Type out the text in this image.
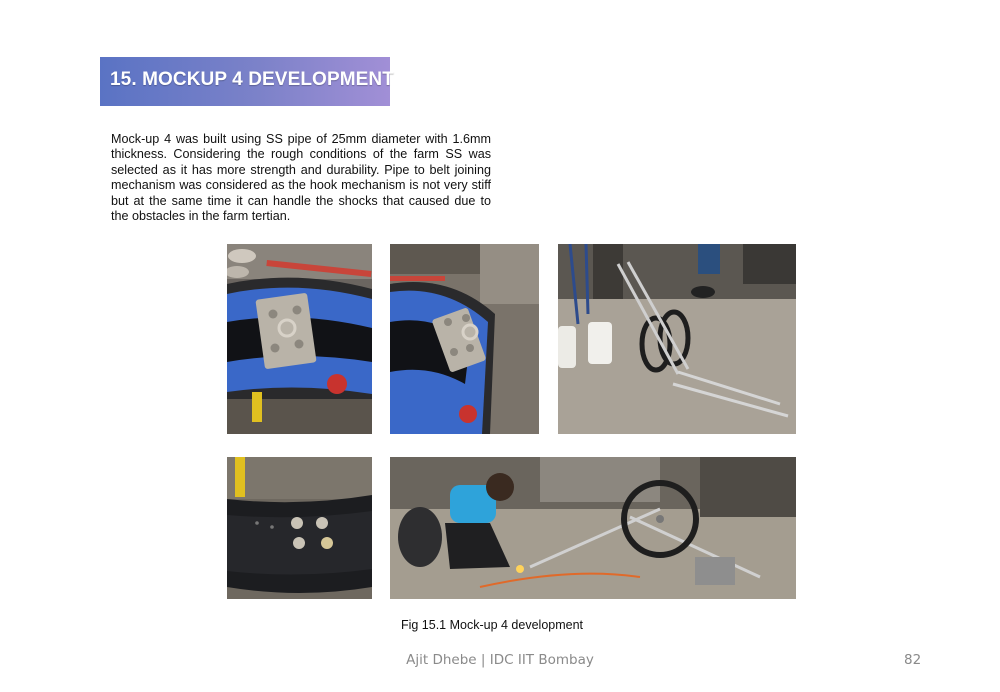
15. MOCKUP 4 DEVELOPMENT
Mock-up 4 was built using SS pipe of 25mm diameter with 1.6mm thickness. Considering the rough conditions of the farm SS was selected as it has more strength and durability. Pipe to belt joining mechanism was considered as the hook mechanism is not very stiff but at the same time it can handle the shocks that caused due to the obstacles in the farm tertian.
Fig 15.1 Mock-up 4 development
Ajit Dhebe | IDC IIT Bombay	82
